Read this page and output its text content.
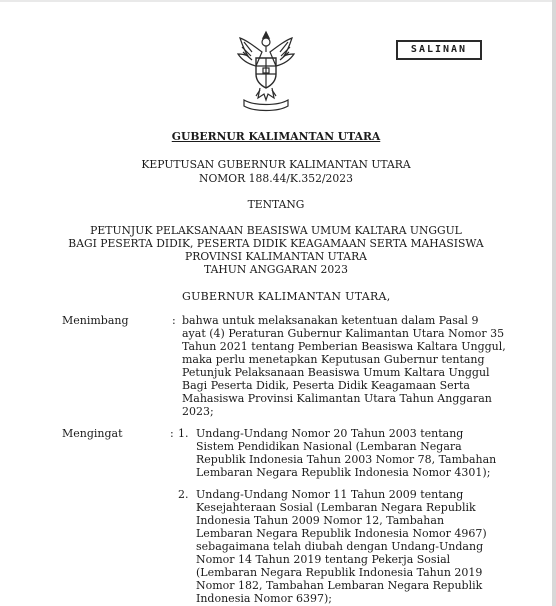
SALINAN
GUBERNUR KALIMANTAN UTARA
KEPUTUSAN GUBERNUR KALIMANTAN UTARA
NOMOR 188.44/K.352/2023
TENTANG
PETUNJUK PELAKSANAAN BEASISWA UMUM KALTARA UNGGUL
BAGI PESERTA DIDIK, PESERTA DIDIK KEAGAMAAN SERTA MAHASISWA
PROVINSI KALIMANTAN UTARA
TAHUN ANGGARAN 2023
GUBERNUR KALIMANTAN UTARA,
Menimbang	: bahwa untuk melaksanakan ketentuan dalam Pasal 9
ayat (4) Peraturan Gubernur Kalimantan Utara Nomor 35
Tahun 2021 tentang Pemberian Beasiswa Kaltara Unggul,
maka perlu menetapkan Keputusan Gubernur tentang
Petunjuk Pelaksanaan Beasiswa Umum Kaltara Unggul
Bagi Peserta Didik, Peserta Didik Keagamaan Serta
Mahasiswa Provinsi Kalimantan Utara Tahun Anggaran
2023;
Mengingat	: 1. Undang-Undang Nomor 20 Tahun 2003 tentang
Sistem Pendidikan Nasional (Lembaran Negara
Republik Indonesia Tahun 2003 Nomor 78, Tambahan
Lembaran Negara Republik Indonesia Nomor 4301);
2. Undang-Undang Nomor 11 Tahun 2009 tentang
Kesejahteraan Sosial (Lembaran Negara Republik
Indonesia Tahun 2009 Nomor 12, Tambahan
Lembaran Negara Republik Indonesia Nomor 4967)
sebagaimana telah diubah dengan Undang-Undang
Nomor 14 Tahun 2019 tentang Pekerja Sosial
(Lembaran Negara Republik Indonesia Tahun 2019
Nomor 182, Tambahan Lembaran Negara Republik
Indonesia Nomor 6397);
